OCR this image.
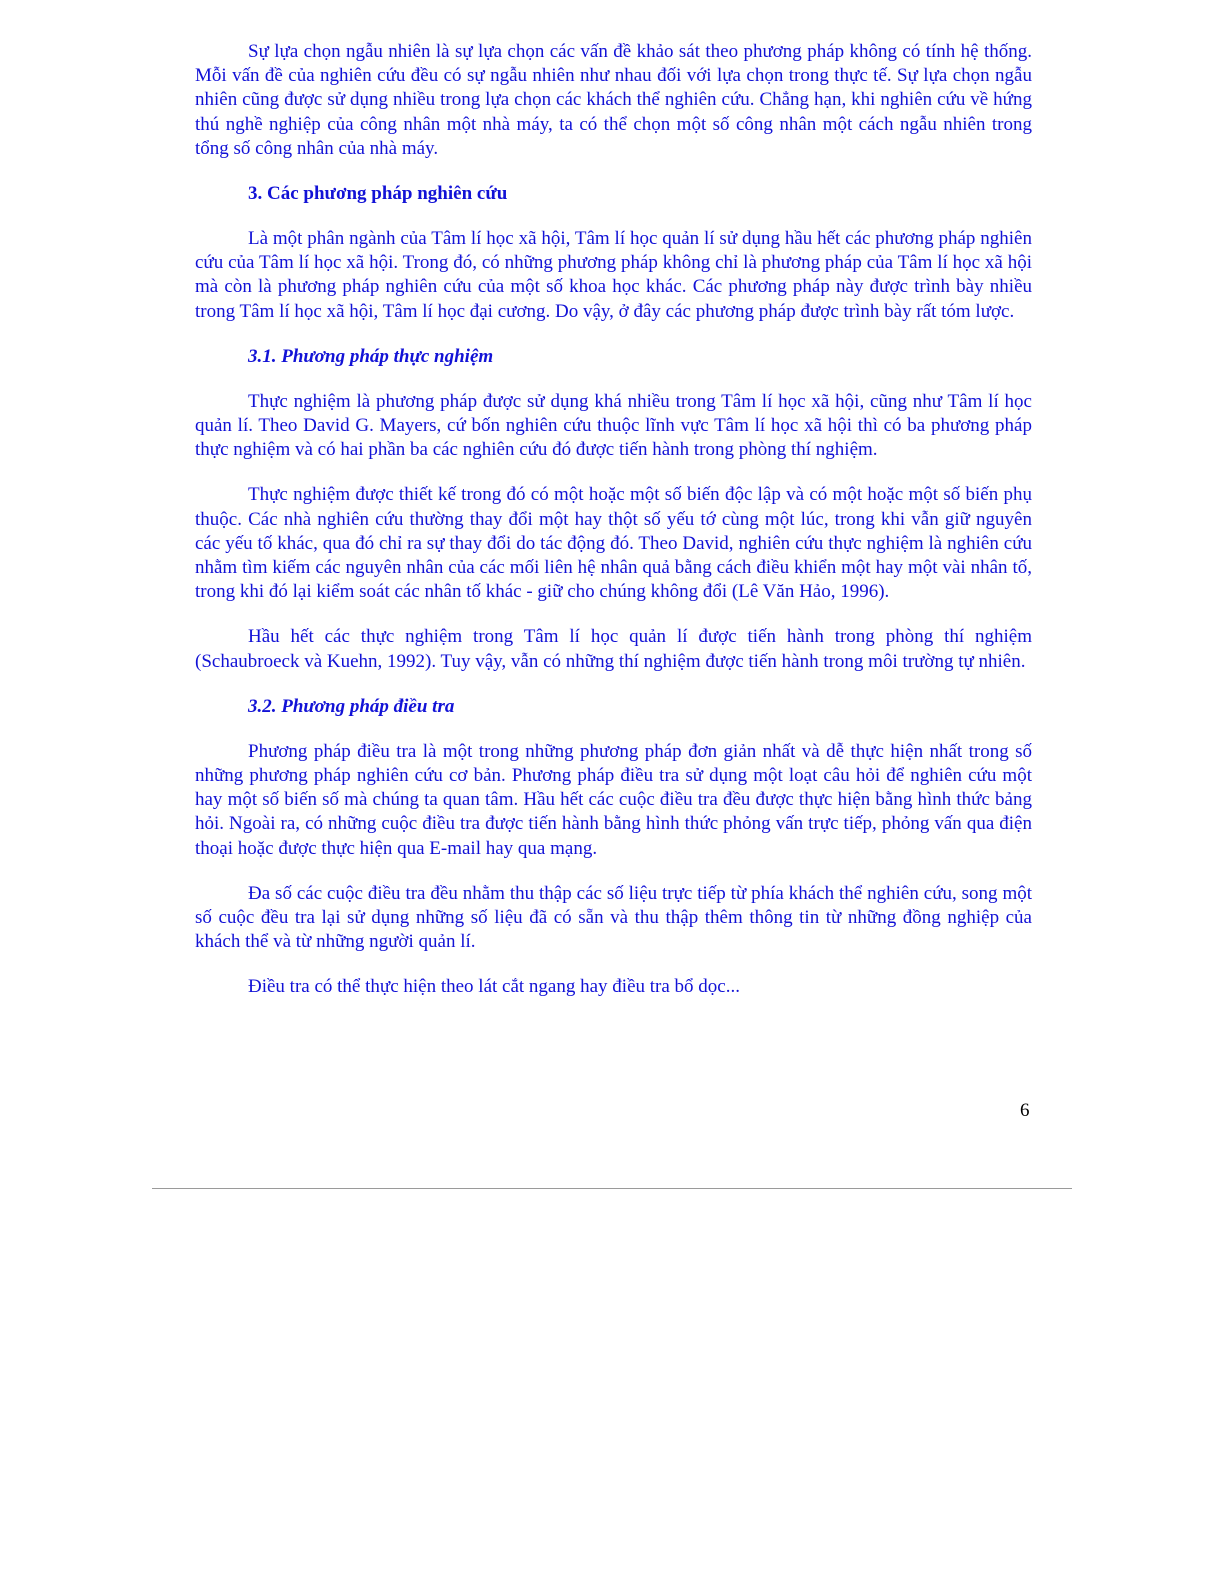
Sự lựa chọn ngẫu nhiên là sự lựa chọn các vấn đề khảo sát theo phương pháp không có tính hệ thống. Mỗi vấn đề của nghiên cứu đều có sự ngẫu nhiên như nhau đối với lựa chọn trong thực tế. Sự lựa chọn ngẫu nhiên cũng được sử dụng nhiều trong lựa chọn các khách thể nghiên cứu. Chẳng hạn, khi nghiên cứu về hứng thú nghề nghiệp của công nhân một nhà máy, ta có thể chọn một số công nhân một cách ngẫu nhiên trong tổng số công nhân của nhà máy.

3. Các phương pháp nghiên cứu

Là một phân ngành của Tâm lí học xã hội, Tâm lí học quản lí sử dụng hầu hết các phương pháp nghiên cứu của Tâm lí học xã hội. Trong đó, có những phương pháp không chỉ là phương pháp của Tâm lí học xã hội mà còn là phương pháp nghiên cứu của một số khoa học khác. Các phương pháp này được trình bày nhiều trong Tâm lí học xã hội, Tâm lí học đại cương. Do vậy, ở đây các phương pháp được trình bày rất tóm lược.

3.1. Phương pháp thực nghiệm

Thực nghiệm là phương pháp được sử dụng khá nhiều trong Tâm lí học xã hội, cũng như Tâm lí học quản lí. Theo David G. Mayers, cứ bốn nghiên cứu thuộc lĩnh vực Tâm lí học xã hội thì có ba phương pháp thực nghiệm và có hai phần ba các nghiên cứu đó được tiến hành trong phòng thí nghiệm.

Thực nghiệm được thiết kế trong đó có một hoặc một số biến độc lập và có một hoặc một số biến phụ thuộc. Các nhà nghiên cứu thường thay đổi một hay thột số yếu tớ cùng một lúc, trong khi vẫn giữ nguyên các yếu tố khác, qua đó chỉ ra sự thay đổi do tác động đó. Theo David, nghiên cứu thực nghiệm là nghiên cứu nhằm tìm kiếm các nguyên nhân của các mối liên hệ nhân quả bằng cách điều khiển một hay một vài nhân tố, trong khi đó lại kiểm soát các nhân tố khác - giữ cho chúng không đổi (Lê Văn Hảo, 1996).

Hầu hết các thực nghiệm trong Tâm lí học quản lí được tiến hành trong phòng thí nghiệm (Schaubroeck và Kuehn, 1992). Tuy vậy, vẫn có những thí nghiệm được tiến hành trong môi trường tự nhiên.

3.2. Phương pháp điều tra

Phương pháp điều tra là một trong những phương pháp đơn giản nhất và dễ thực hiện nhất trong số những phương pháp nghiên cứu cơ bản. Phương pháp điều tra sử dụng một loạt câu hỏi để nghiên cứu một hay một số biến số mà chúng ta quan tâm. Hầu hết các cuộc điều tra đều được thực hiện bằng hình thức bảng hỏi. Ngoài ra, có những cuộc điều tra được tiến hành bằng hình thức phỏng vấn trực tiếp, phỏng vấn qua điện thoại hoặc được thực hiện qua E-mail hay qua mạng.

Đa số các cuộc điều tra đều nhằm thu thập các số liệu trực tiếp từ phía khách thể nghiên cứu, song một số cuộc đều tra lại sử dụng những số liệu đã có sẵn và thu thập thêm thông tin từ những đồng nghiệp của khách thể và từ những người quản lí.

Điều tra có thể thực hiện theo lát cắt ngang hay điều tra bổ dọc...

6
